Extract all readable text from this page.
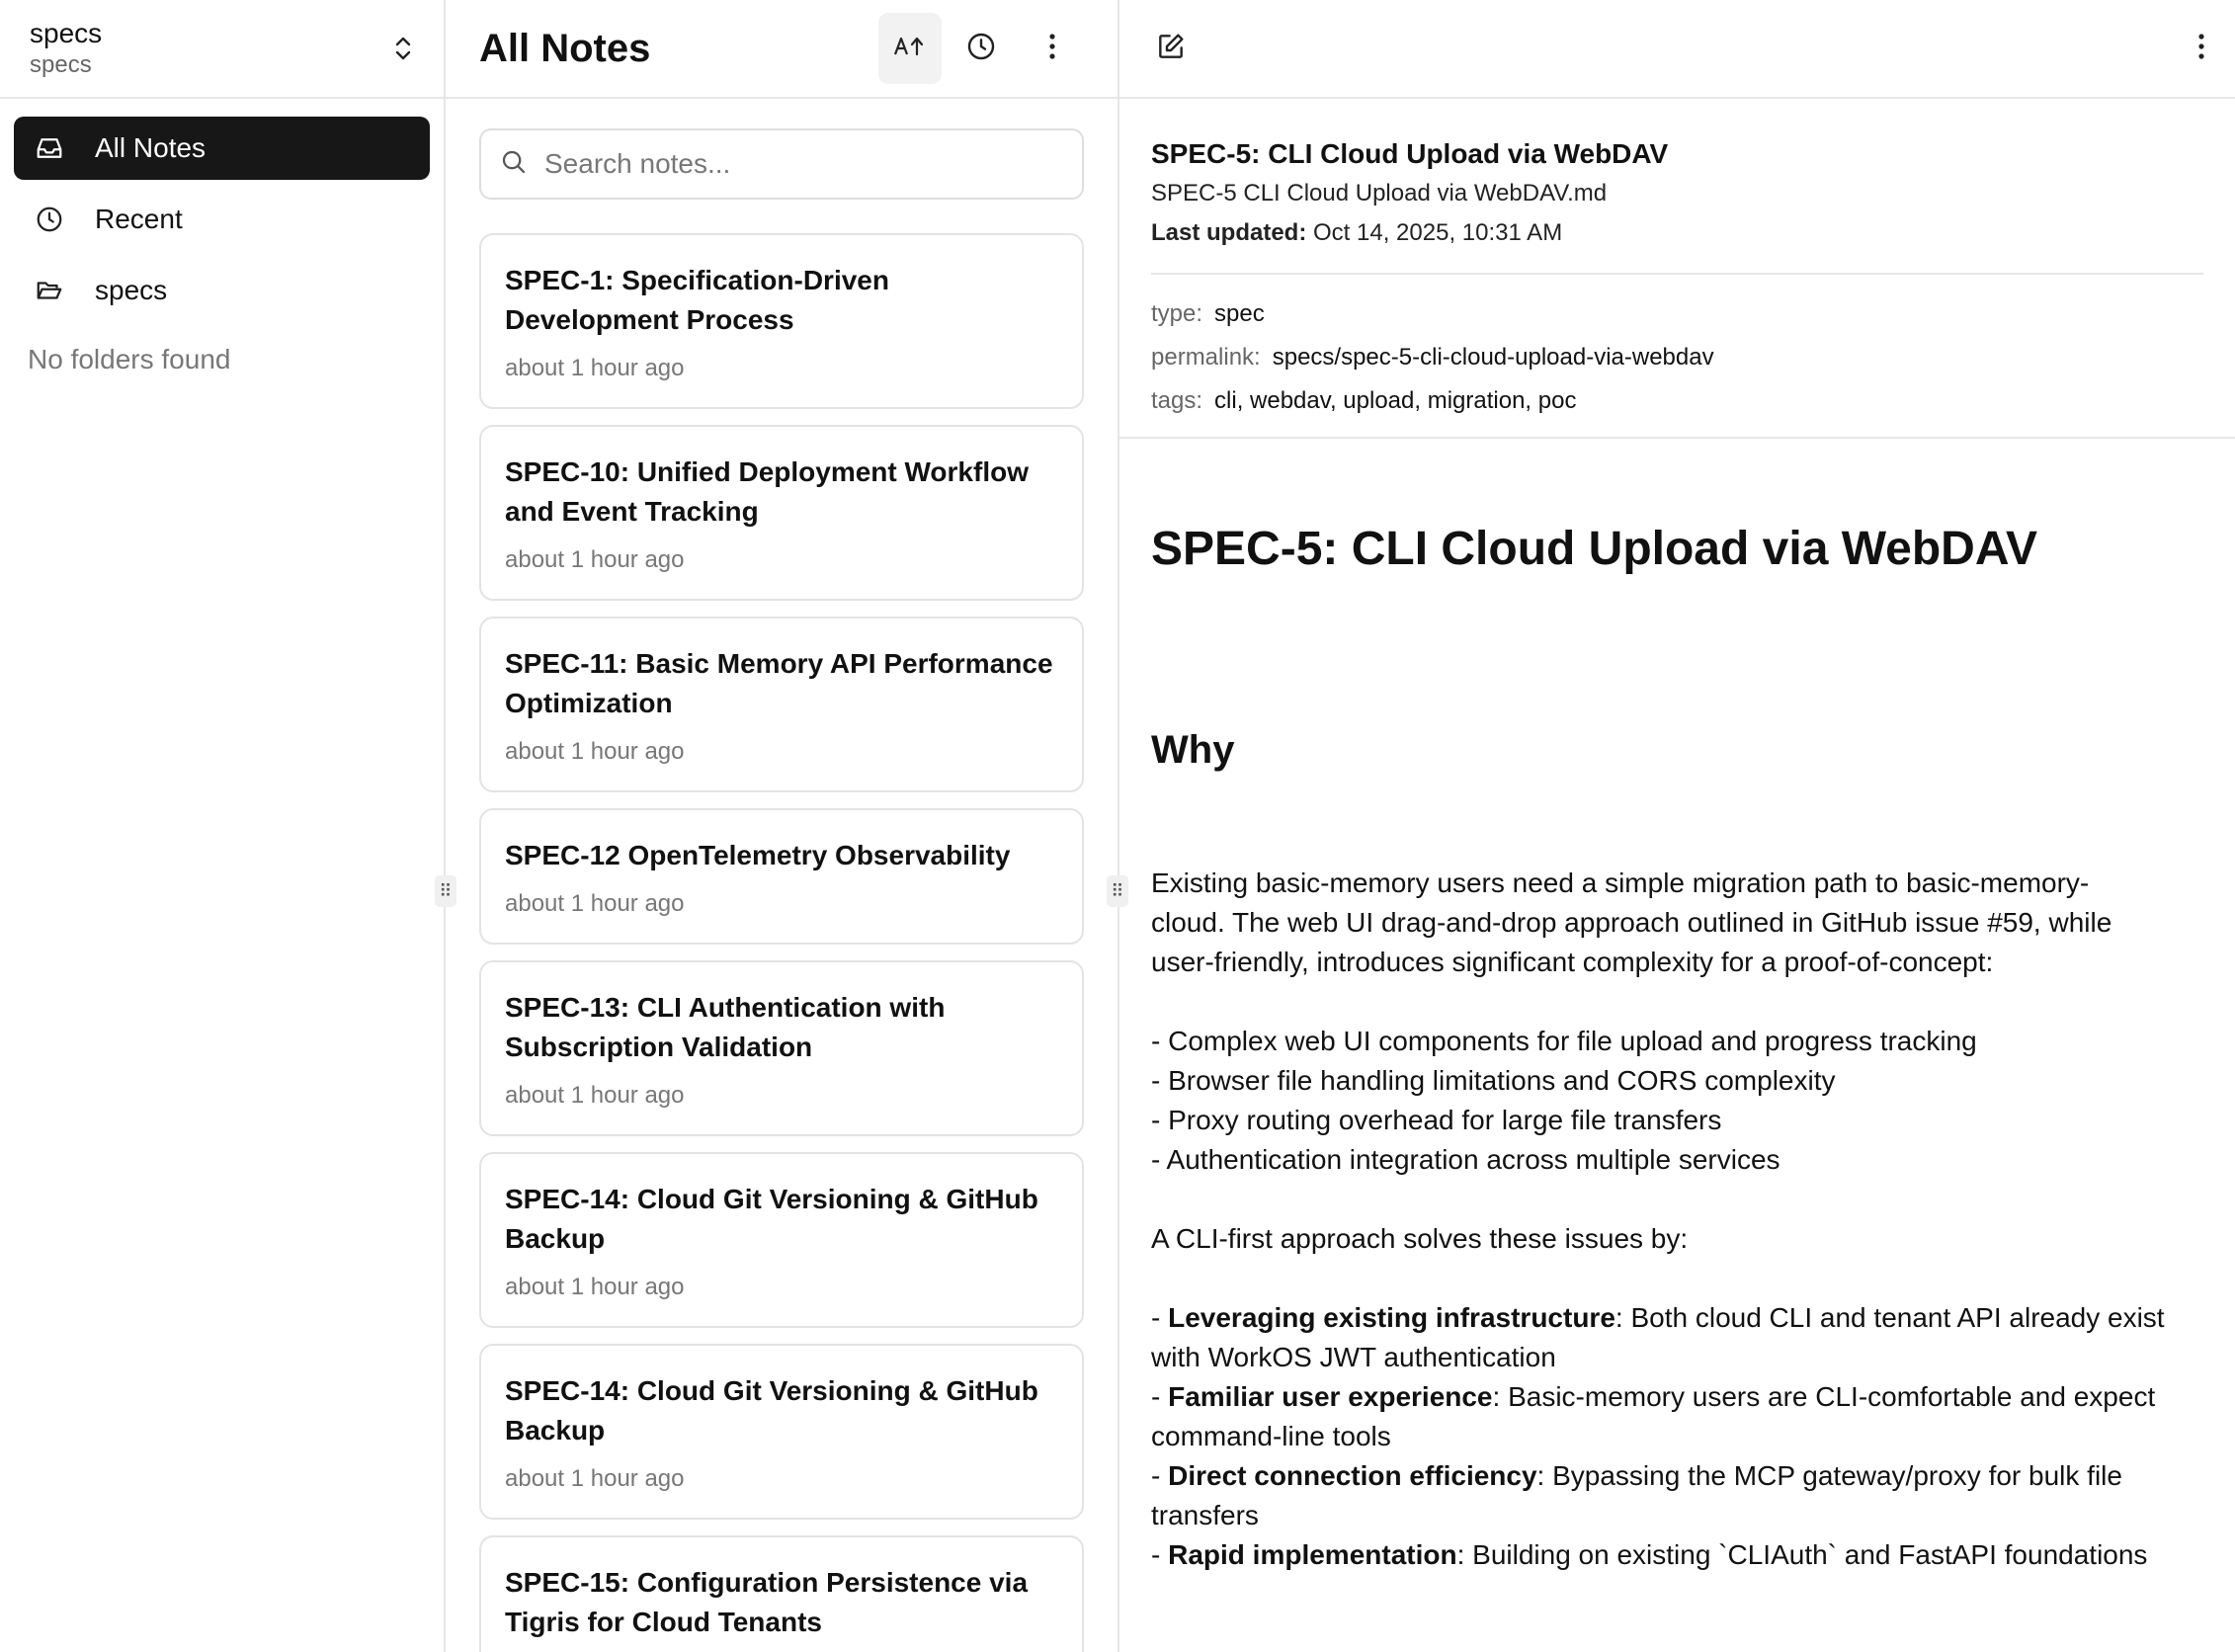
specs
specs
All Notes
Recent
specs
No folders found
⠿
All Notes
Search notes...
SPEC-1: Specification-Driven Development Process
about 1 hour ago
SPEC-10: Unified Deployment Workflow and Event Tracking
about 1 hour ago
SPEC-11: Basic Memory API Performance Optimization
about 1 hour ago
SPEC-12 OpenTelemetry Observability
about 1 hour ago
SPEC-13: CLI Authentication with Subscription Validation
about 1 hour ago
SPEC-14: Cloud Git Versioning & GitHub Backup
about 1 hour ago
SPEC-14: Cloud Git Versioning & GitHub Backup
about 1 hour ago
SPEC-15: Configuration Persistence via Tigris for Cloud Tenants
⠿
SPEC-5: CLI Cloud Upload via WebDAV
SPEC-5 CLI Cloud Upload via WebDAV.md
Last updated: Oct 14, 2025, 10:31 AM
type: spec
permalink: specs/spec-5-cli-cloud-upload-via-webdav
tags: cli, webdav, upload, migration, poc
SPEC-5: CLI Cloud Upload via WebDAV
Why

Existing basic-memory users need a simple migration path to basic-memory-
cloud. The web UI drag-and-drop approach outlined in GitHub issue #59, while
user-friendly, introduces significant complexity for a proof-of-concept:

- Complex web UI components for file upload and progress tracking
- Browser file handling limitations and CORS complexity
- Proxy routing overhead for large file transfers
- Authentication integration across multiple services

A CLI-first approach solves these issues by:

- Leveraging existing infrastructure: Both cloud CLI and tenant API already exist
with WorkOS JWT authentication
- Familiar user experience: Basic-memory users are CLI-comfortable and expect
command-line tools
- Direct connection efficiency: Bypassing the MCP gateway/proxy for bulk file
transfers
- Rapid implementation: Building on existing `CLIAuth` and FastAPI foundations
